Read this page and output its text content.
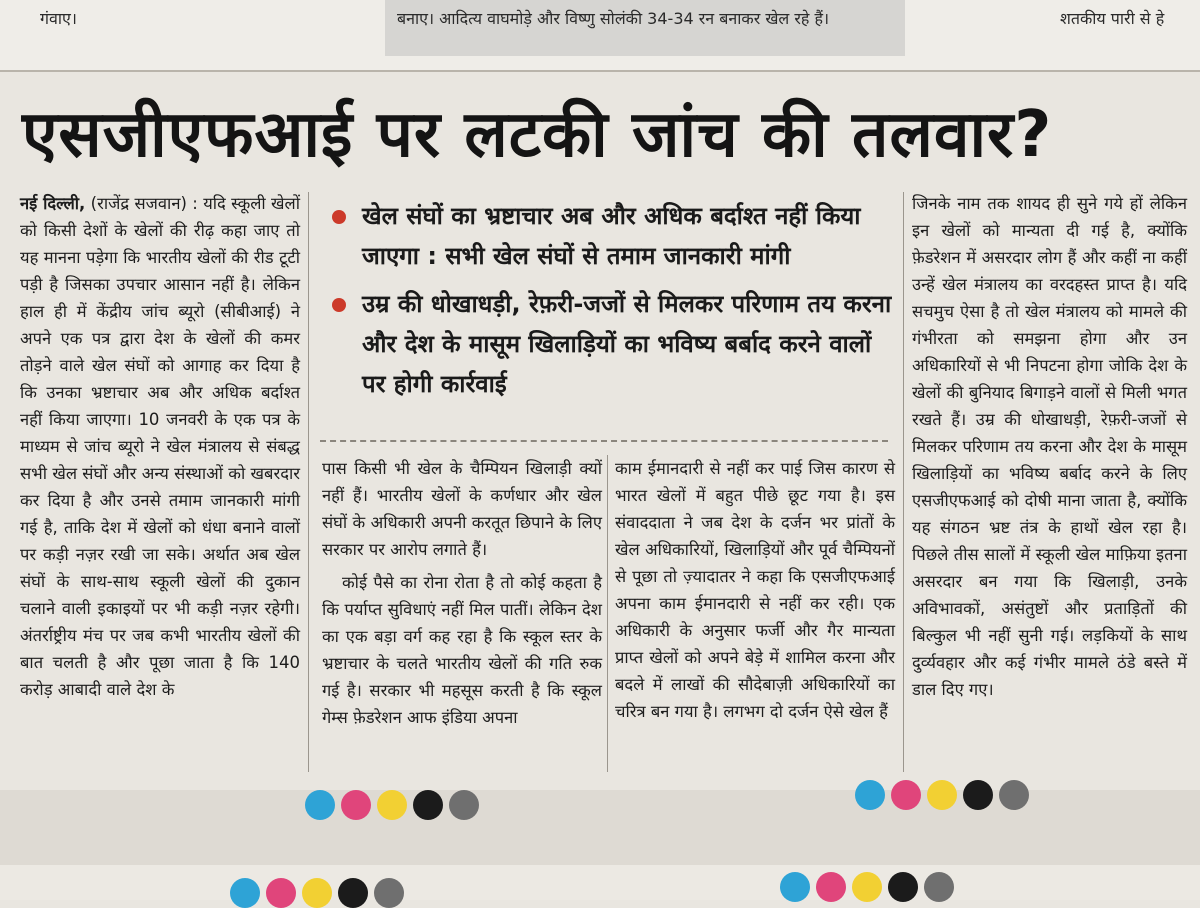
गंवाए।	बनाए। आदित्य वाघमोड़े और विष्णु सोलंकी 34-34 रन बनाकर खेल रहे हैं।	शतकीय पारी से हे
एसजीएफआई पर लटकी जांच की तलवार?

नई दिल्ली, (राजेंद्र सजवान) : यदि स्कूली खेलों को किसी देशों के खेलों की रीढ़ कहा जाए तो यह मानना पड़ेगा कि भारतीय खेलों की रीड टूटी पड़ी है जिसका उपचार आसान नहीं है। लेकिन हाल ही में केंद्रीय जांच ब्यूरो (सीबीआई) ने अपने एक पत्र द्वारा देश के खेलों की कमर तोड़ने वाले खेल संघों को आगाह कर दिया है कि उनका भ्रष्टाचार अब और अधिक बर्दाश्त नहीं किया जाएगा। 10 जनवरी के एक पत्र के माध्यम से जांच ब्यूरो ने खेल मंत्रालय से संबद्ध सभी खेल संघों और अन्य संस्थाओं को खबरदार कर दिया है और उनसे तमाम जानकारी मांगी गई है, ताकि देश में खेलों को धंधा बनाने वालों पर कड़ी नज़र रखी जा सके। अर्थात अब खेल संघों के साथ-साथ स्कूली खेलों की दुकान चलाने वाली इकाइयों पर भी कड़ी नज़र रहेगी। अंतर्राष्ट्रीय मंच पर जब कभी भारतीय खेलों की बात चलती है और पूछा जाता है कि 140 करोड़ आबादी वाले देश के

खेल संघों का भ्रष्टाचार अब और अधिक बर्दाश्त नहीं किया जाएगा : सभी खेल संघों से तमाम जानकारी मांगी
उम्र की धोखाधड़ी, रेफ़री-जजों से मिलकर परिणाम तय करना और देश के मासूम खिलाड़ियों का भविष्य बर्बाद करने वालों पर होगी कार्रवाई

पास किसी भी खेल के चैम्पियन खिलाड़ी क्यों नहीं हैं। भारतीय खेलों के कर्णधार और खेल संघों के अधिकारी अपनी करतूत छिपाने के लिए सरकार पर आरोप लगाते हैं।

कोई पैसे का रोना रोता है तो कोई कहता है कि पर्याप्त सुविधाएं नहीं मिल पातीं। लेकिन देश का एक बड़ा वर्ग कह रहा है कि स्कूल स्तर के भ्रष्टाचार के चलते भारतीय खेलों की गति रुक गई है। सरकार भी महसूस करती है कि स्कूल गेम्स फ़ेडरेशन आफ इंडिया अपना

काम ईमानदारी से नहीं कर पाई जिस कारण से भारत खेलों में बहुत पीछे छूट गया है। इस संवाददाता ने जब देश के दर्जन भर प्रांतों के खेल अधिकारियों, खिलाड़ियों और पूर्व चैम्पियनों से पूछा तो ज़्यादातर ने कहा कि एसजीएफआई अपना काम ईमानदारी से नहीं कर रही। एक अधिकारी के अनुसार फर्जी और गैर मान्यता प्राप्त खेलों को अपने बेड़े में शामिल करना और बदले में लाखों की सौदेबाज़ी अधिकारियों का चरित्र बन गया है। लगभग दो दर्जन ऐसे खेल हैं

जिनके नाम तक शायद ही सुने गये हों लेकिन इन खेलों को मान्यता दी गई है, क्योंकि फ़ेडरेशन में असरदार लोग हैं और कहीं ना कहीं उन्हें खेल मंत्रालय का वरदहस्त प्राप्त है। यदि सचमुच ऐसा है तो खेल मंत्रालय को मामले की गंभीरता को समझना होगा और उन अधिकारियों से भी निपटना होगा जोकि देश के खेलों की बुनियाद बिगाड़ने वालों से मिली भगत रखते हैं। उम्र की धोखाधड़ी, रेफ़री-जजों से मिलकर परिणाम तय करना और देश के मासूम खिलाड़ियों का भविष्य बर्बाद करने के लिए एसजीएफआई को दोषी माना जाता है, क्योंकि यह संगठन भ्रष्ट तंत्र के हाथों खेल रहा है। पिछले तीस सालों में स्कूली खेल माफ़िया इतना असरदार बन गया कि खिलाड़ी, उनके अविभावकों, असंतुष्टों और प्रताड़ितों की बिल्कुल भी नहीं सुनी गई। लड़कियों के साथ दुर्व्यवहार और कई गंभीर मामले ठंडे बस्ते में डाल दिए गए।
